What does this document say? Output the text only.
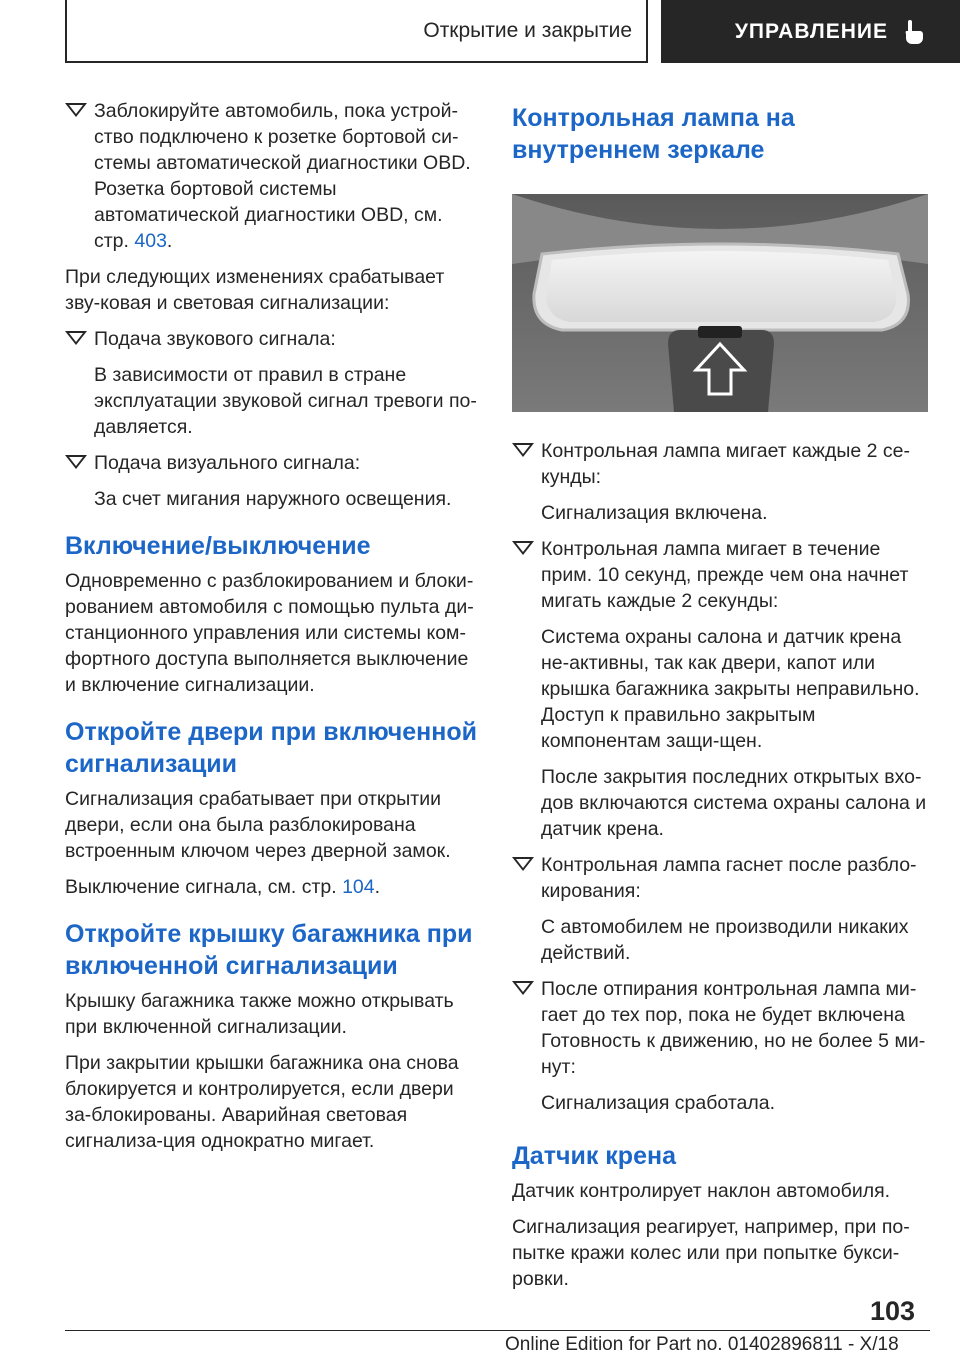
Открытие и закрытие	УПРАВЛЕНИЕ
Заблокируйте автомобиль, пока устрой-ство подключено к розетке бортовой си-стемы автоматической диагностики OBD. Розетка бортовой системы автоматической диагностики OBD, см. стр. 403.

При следующих изменениях срабатывает зву-ковая и световая сигнализации:

Подача звукового сигнала:

В зависимости от правил в стране эксплуатации звуковой сигнал тревоги по-давляется.

Подача визуального сигнала:

За счет мигания наружного освещения.

Включение/выключение

Одновременно с разблокированием и блоки-рованием автомобиля с помощью пульта ди-станционного управления или системы ком-фортного доступа выполняется выключение и включение сигнализации.

Откройте двери при включенной сигнализации

Сигнализация срабатывает при открытии двери, если она была разблокирована встроенным ключом через дверной замок.

Выключение сигнала, см. стр. 104.

Откройте крышку багажника при включенной сигнализации

Крышку багажника также можно открывать при включенной сигнализации.

При закрытии крышки багажника она снова блокируется и контролируется, если двери за-блокированы. Аварийная световая сигнализа-ция однократно мигает.

Контрольная лампа на внутреннем зеркале
Контрольная лампа мигает каждые 2 се-кунды:

Сигнализация включена.

Контрольная лампа мигает в течение прим. 10 секунд, прежде чем она начнет мигать каждые 2 секунды:

Система охраны салона и датчик крена не-активны, так как двери, капот или крышка багажника закрыты неправильно. Доступ к правильно закрытым компонентам защи-щен.

После закрытия последних открытых вхо-дов включаются система охраны салона и датчик крена.

Контрольная лампа гаснет после разбло-кирования:

С автомобилем не производили никаких действий.

После отпирания контрольная лампа ми-гает до тех пор, пока не будет включена Готовность к движению, но не более 5 ми-нут:

Сигнализация сработала.

Датчик крена

Датчик контролирует наклон автомобиля.

Сигнализация реагирует, например, при по-пытке кражи колес или при попытке букси-ровки.

103
Online Edition for Part no. 01402896811 - X/18
